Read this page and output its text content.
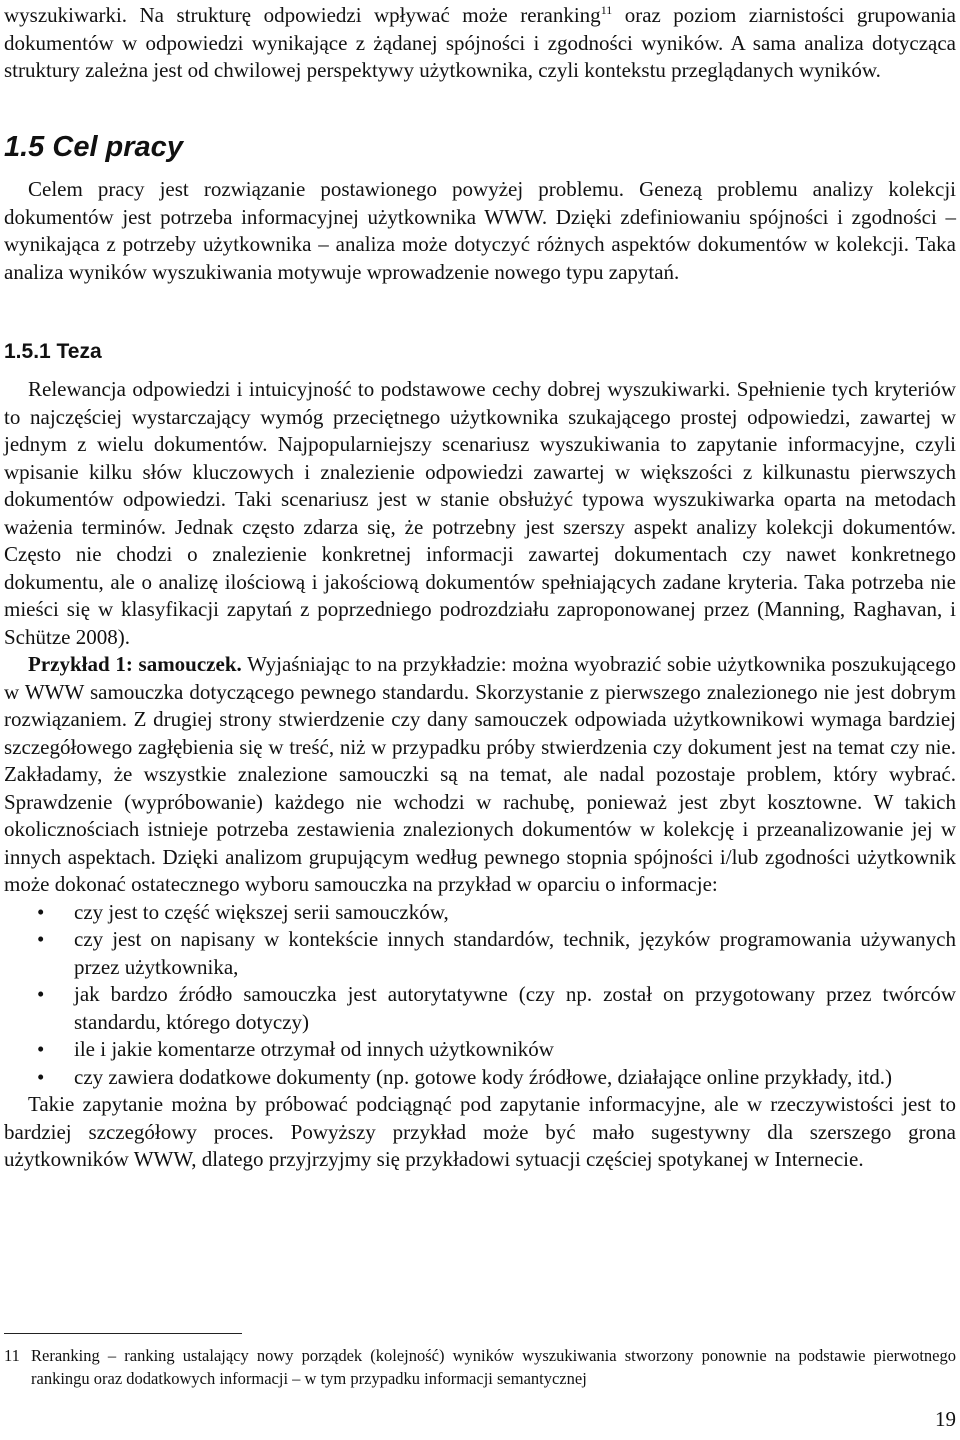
wyszukiwarki. Na strukturę odpowiedzi wpływać może reranking$^{11}$ oraz poziom ziarnistości grupowania dokumentów w odpowiedzi wynikające z żądanej spójności i zgodności wyników. A sama analiza dotycząca struktury zależna jest od chwilowej perspektywy użytkownika, czyli kontekstu przeglądanych wyników.

1.5 Cel pracy

Celem pracy jest rozwiązanie postawionego powyżej problemu. Genezą problemu analizy kolekcji dokumentów jest potrzeba informacyjnej użytkownika WWW. Dzięki zdefiniowaniu spójności i zgodności – wynikająca z potrzeby użytkownika – analiza może dotyczyć różnych aspektów dokumentów w kolekcji. Taka analiza wyników wyszukiwania motywuje wprowadzenie nowego typu zapytań.

1.5.1 Teza

Relewancja odpowiedzi i intuicyjność to podstawowe cechy dobrej wyszukiwarki. Spełnienie tych kryteriów to najczęściej wystarczający wymóg przeciętnego użytkownika szukającego prostej odpowiedzi, zawartej w jednym z wielu dokumentów. Najpopularniejszy scenariusz wyszukiwania to zapytanie informacyjne, czyli wpisanie kilku słów kluczowych i znalezienie odpowiedzi zawartej w większości z kilkunastu pierwszych dokumentów odpowiedzi. Taki scenariusz jest w stanie obsłużyć typowa wyszukiwarka oparta na metodach ważenia terminów. Jednak często zdarza się, że potrzebny jest szerszy aspekt analizy kolekcji dokumentów. Często nie chodzi o znalezienie konkretnej informacji zawartej dokumentach czy nawet konkretnego dokumentu, ale o analizę ilościową i jakościową dokumentów spełniających zadane kryteria. Taka potrzeba nie mieści się w klasyfikacji zapytań z poprzedniego podrozdziału zaproponowanej przez (Manning, Raghavan, i Schütze 2008).

Przykład 1: samouczek. Wyjaśniając to na przykładzie: można wyobrazić sobie użytkownika poszukującego w WWW samouczka dotyczącego pewnego standardu. Skorzystanie z pierwszego znalezionego nie jest dobrym rozwiązaniem. Z drugiej strony stwierdzenie czy dany samouczek odpowiada użytkownikowi wymaga bardziej szczegółowego zagłębienia się w treść, niż w przypadku próby stwierdzenia czy dokument jest na temat czy nie. Zakładamy, że wszystkie znalezione samouczki są na temat, ale nadal pozostaje problem, który wybrać. Sprawdzenie (wypróbowanie) każdego nie wchodzi w rachubę, ponieważ jest zbyt kosztowne. W takich okolicznościach istnieje potrzeba zestawienia znalezionych dokumentów w kolekcję i przeanalizowanie jej w innych aspektach. Dzięki analizom grupującym według pewnego stopnia spójności i/lub zgodności użytkownik może dokonać ostatecznego wyboru samouczka na przykład w oparciu o informacje:

• czy jest to część większej serii samouczków,
• czy jest on napisany w kontekście innych standardów, technik, języków programowania używanych przez użytkownika,
• jak bardzo źródło samouczka jest autorytatywne (czy np. został on przygotowany przez twórców standardu, którego dotyczy)
• ile i jakie komentarze otrzymał od innych użytkowników
• czy zawiera dodatkowe dokumenty (np. gotowe kody źródłowe, działające online przykłady, itd.)

Takie zapytanie można by próbować podciągnąć pod zapytanie informacyjne, ale w rzeczywistości jest to bardziej szczegółowy proces. Powyższy przykład może być mało sugestywny dla szerszego grona użytkowników WWW, dlatego przyjrzyjmy się przykładowi sytuacji częściej spotykanej w Internecie.

11 Reranking – ranking ustalający nowy porządek (kolejność) wyników wyszukiwania stworzony ponownie na podstawie pierwotnego rankingu oraz dodatkowych informacji – w tym przypadku informacji semantycznej
19
